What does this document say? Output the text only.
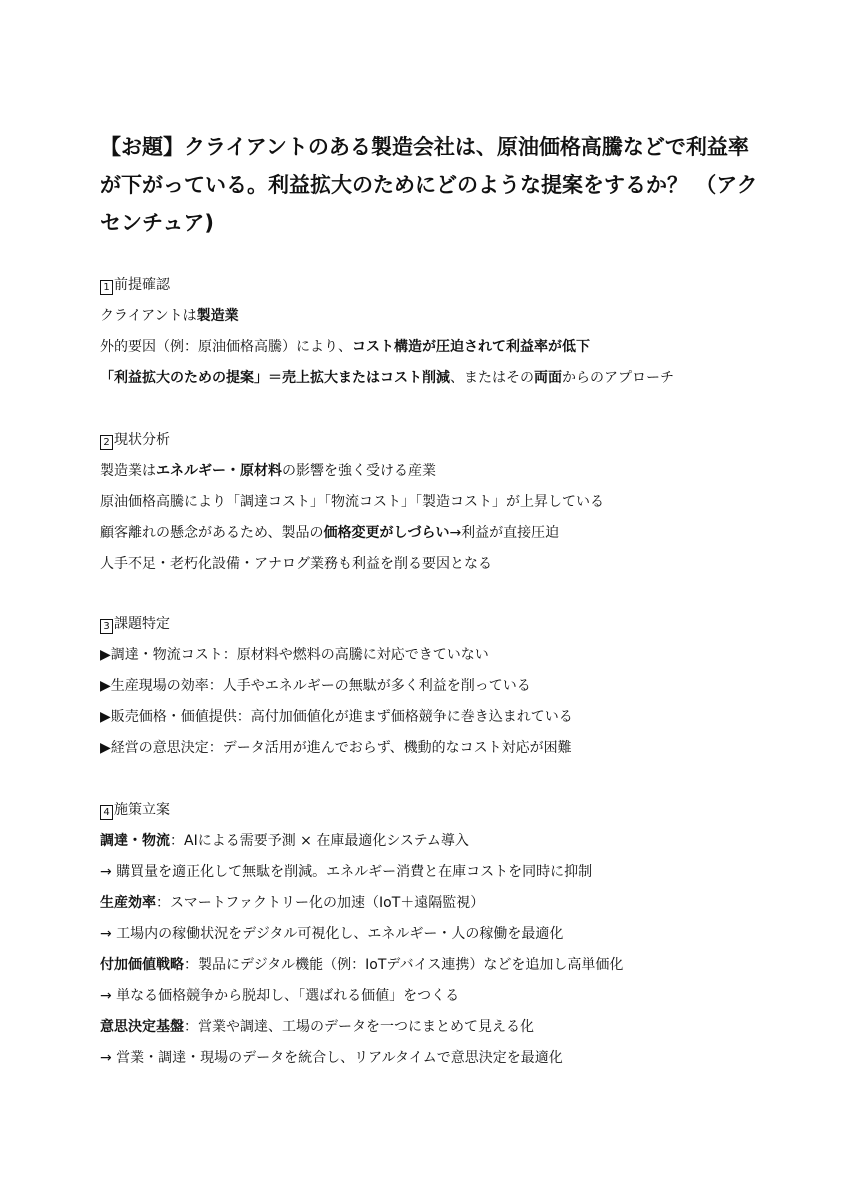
【お題】クライアントのある製造会社は、原油価格高騰などで利益率が下がっている。利益拡大のためにどのような提案をするか？ （アクセンチュア)
1 前提確認
クライアントは製造業
外的要因（例：原油価格高騰）により、コスト構造が圧迫されて利益率が低下
「利益拡大のための提案」＝売上拡大またはコスト削減、またはその両面からのアプローチ
2 現状分析
製造業はエネルギー・原材料の影響を強く受ける産業
原油価格高騰により「調達コスト」「物流コスト」「製造コスト」が上昇している
顧客離れの懸念があるため、製品の価格変更がしづらい→利益が直接圧迫
人手不足・老朽化設備・アナログ業務も利益を削る要因となる
3 課題特定
▶調達・物流コスト：原材料や燃料の高騰に対応できていない
▶生産現場の効率：人手やエネルギーの無駄が多く利益を削っている
▶販売価格・価値提供：高付加価値化が進まず価格競争に巻き込まれている
▶経営の意思決定：データ活用が進んでおらず、機動的なコスト対応が困難
4 施策立案
調達・物流：AIによる需要予測 × 在庫最適化システム導入
→ 購買量を適正化して無駄を削減。エネルギー消費と在庫コストを同時に抑制
生産効率：スマートファクトリー化の加速（IoT＋遠隔監視）
→ 工場内の稼働状況をデジタル可視化し、エネルギー・人の稼働を最適化
付加価値戦略：製品にデジタル機能（例：IoTデバイス連携）などを追加し高単価化
→ 単なる価格競争から脱却し、「選ばれる価値」をつくる
意思決定基盤：営業や調達、工場のデータを一つにまとめて見える化
→ 営業・調達・現場のデータを統合し、リアルタイムで意思決定を最適化
